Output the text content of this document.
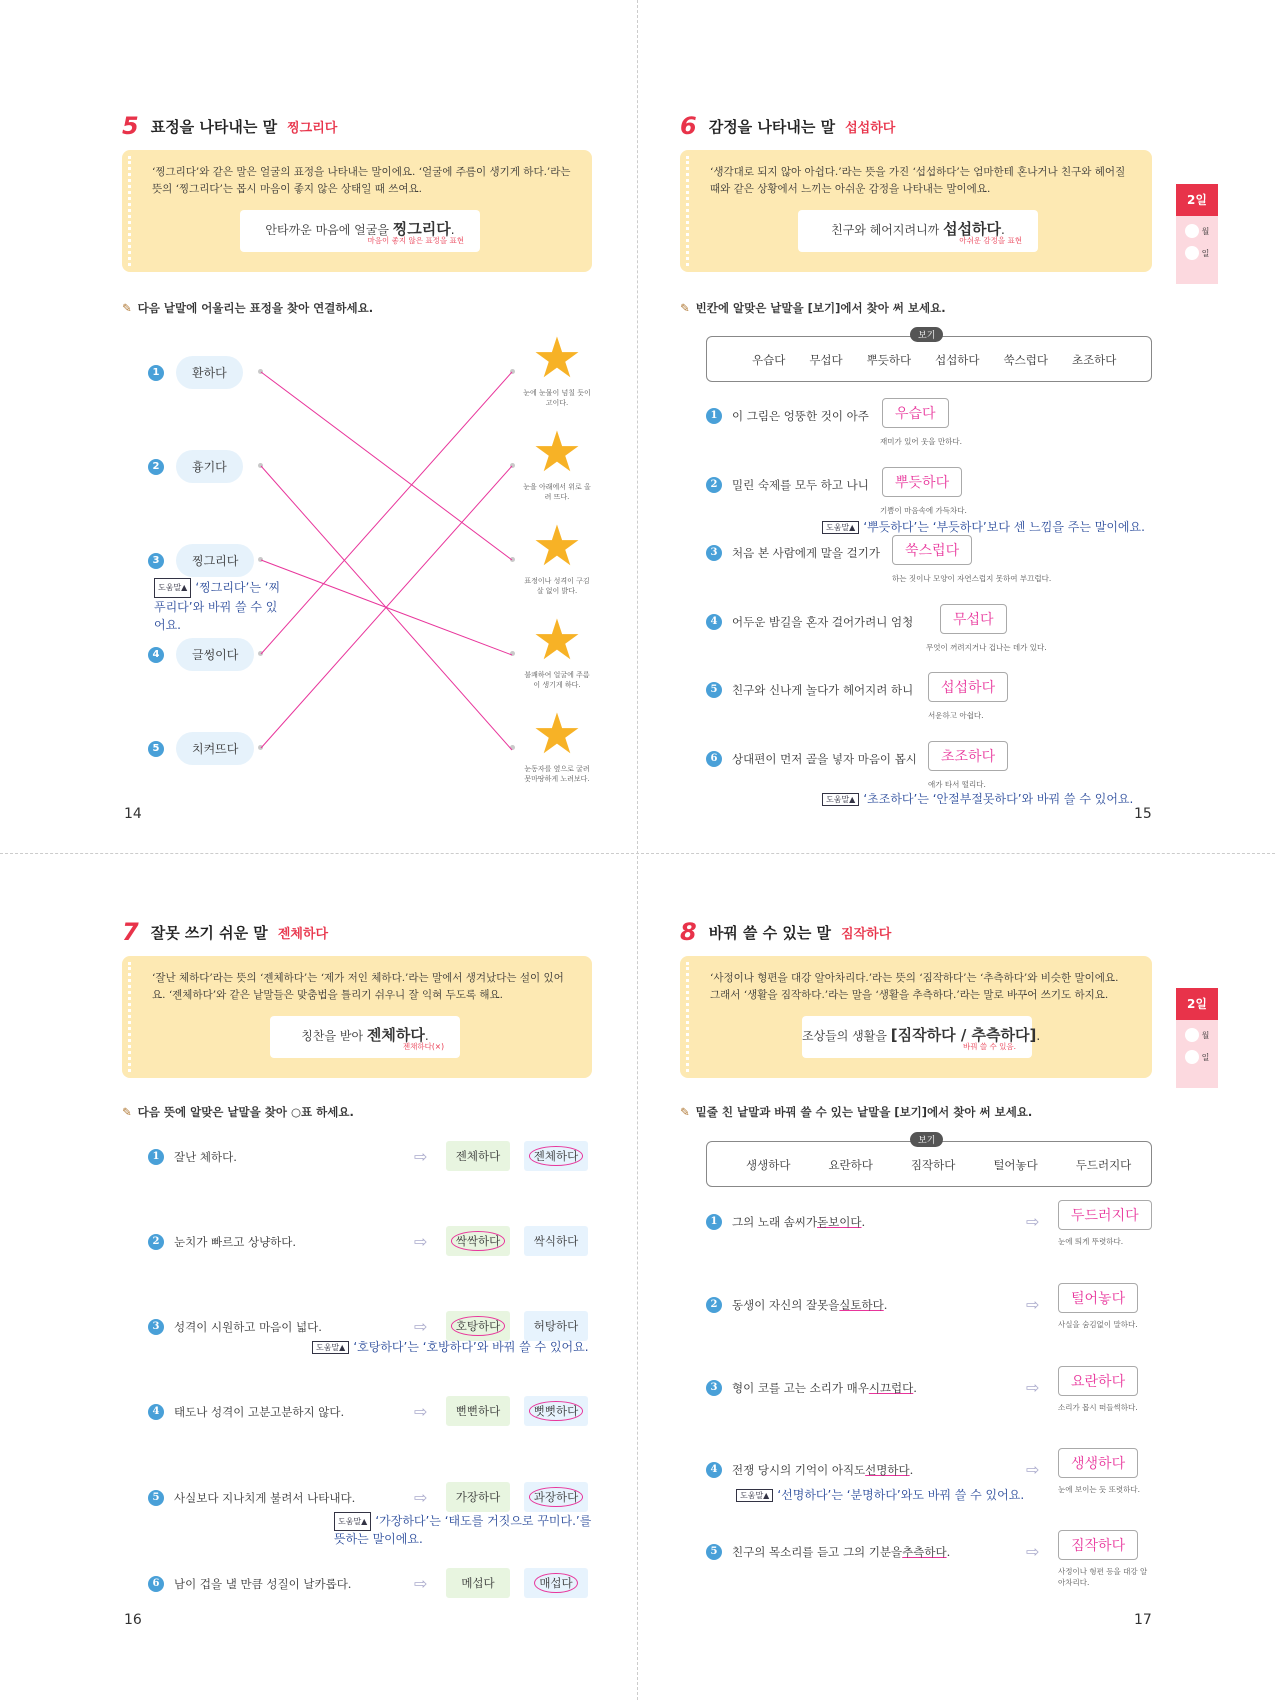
5 표정을 나타내는 말 찡그리다
‘찡그리다’와 같은 말은 얼굴의 표정을 나타내는 말이에요. ‘얼굴에 주름이 생기게 하다.’라는 뜻의 ‘찡그리다’는 몹시 마음이 좋지 않은 상태일 때 쓰여요.
안타까운 마음에 얼굴을 찡그리다.
마음이 좋지 않은 표정을 표현
✎ 다음 낱말에 어울리는 표정을 찾아 연결하세요.
1	환하다
2	흉기다
3	찡그리다
4	글썽이다
5	치켜뜨다
도움말▲ ‘찡그리다’는 ‘찌푸리다’와 바꿔 쓸 수 있어요.
★
눈에 눈물이 넘칠 듯이 고이다.
★
눈을 아래에서 위로 올려 뜨다.
★
표정이나 성격이 구김살 없이 밝다.
★
불쾌하여 얼굴에 주름이 생기게 하다.
★
눈동자를 옆으로 굴려 못마땅하게 노려보다.
14
6 감정을 나타내는 말 섭섭하다
‘생각대로 되지 않아 아쉽다.’라는 뜻을 가진 ‘섭섭하다’는 엄마한테 혼나거나 친구와 헤어질 때와 같은 상황에서 느끼는 아쉬운 감정을 나타내는 말이에요.
친구와 헤어지려니까 섭섭하다.
아쉬운 감정을 표현
2일
월
일
✎ 빈칸에 알맞은 낱말을 [보기]에서 찾아 써 보세요.
보기
우습다 무섭다 뿌듯하다 섭섭하다 쑥스럽다 초조하다
1	이 그림은 엉뚱한 것이 아주	우습다
재미가 있어 웃을 만하다.
2	밀린 숙제를 모두 하고 나니	뿌듯하다
기쁨이 마음속에 가득차다.
3	처음 본 사람에게 말을 걸기가	쑥스럽다
하는 짓이나 모양이 자연스럽지 못하여 부끄럽다.
4	어두운 밤길을 혼자 걸어가려니 엄청	무섭다
무엇이 꺼려지거나 겁나는 데가 있다.
5	친구와 신나게 놀다가 헤어지려 하니	섭섭하다
서운하고 아쉽다.
6	상대편이 먼저 골을 넣자 마음이 몹시	초조하다
애가 타서 떨리다.
도움말▲ ‘뿌듯하다’는 ‘부듯하다’보다 센 느낌을 주는 말이에요.
도움말▲ ‘초조하다’는 ‘안절부절못하다’와 바꿔 쓸 수 있어요.
15
7 잘못 쓰기 쉬운 말 젠체하다
‘잘난 체하다’라는 뜻의 ‘젠체하다’는 ‘제가 저인 체하다.’라는 말에서 생겨났다는 설이 있어요. ‘젠체하다’와 같은 낱말들은 맞춤법을 틀리기 쉬우니 잘 익혀 두도록 해요.
칭찬을 받아 젠체하다.
젠채하다(×)
✎ 다음 뜻에 알맞은 낱말을 찾아 ○표 하세요.
1	잘난 체하다.	⇨	젠체하다	젠체하다
2	눈치가 빠르고 상냥하다.	⇨	싹싹하다	싹식하다
3	성격이 시원하고 마음이 넓다.	⇨	호탕하다	허탕하다
4	태도나 성격이 고분고분하지 않다.	⇨	뻔뻔하다	뻣뻣하다
5	사실보다 지나치게 불려서 나타내다.	⇨	가장하다	과장하다
6	남이 겁을 낼 만큼 성질이 날카롭다.	⇨	메섭다	매섭다
도움말▲ ‘호탕하다’는 ‘호방하다’와 바꿔 쓸 수 있어요.
도움말▲ ‘가장하다’는 ‘태도를 거짓으로 꾸미다.’를 뜻하는 말이에요.
16
8 바꿔 쓸 수 있는 말 짐작하다
‘사정이나 형편을 대강 알아차리다.’라는 뜻의 ‘짐작하다’는 ‘추측하다’와 비슷한 말이에요. 그래서 ‘생활을 짐작하다.’라는 말을 ‘생활을 추측하다.’라는 말로 바꾸어 쓰기도 하지요.
조상들의 생활을 [짐작하다 / 추측하다].
바꿔 쓸 수 있음.
2일
월
일
✎ 밑줄 친 낱말과 바꿔 쓸 수 있는 낱말을 [보기]에서 찾아 써 보세요.
보기
생생하다	요란하다	짐작하다	털어놓다	두드러지다
1	그의 노래 솜씨가 돋보이다 .	⇨	두드러지다
눈에 띄게 뚜렷하다.
2	동생이 자신의 잘못을 실토하다 .	⇨	털어놓다
사실을 숨김없이 말하다.
3	형이 코를 고는 소리가 매우 시끄럽다 .	⇨	요란하다
소리가 몹시 떠들썩하다.
4	전쟁 당시의 기억이 아직도 선명하다 .	⇨	생생하다
눈에 보이는 듯 또렷하다.
5	친구의 목소리를 듣고 그의 기분을 추측하다 .	⇨	짐작하다
사정이나 형편 등을 대강 알아차리다.
도움말▲ ‘선명하다’는 ‘분명하다’와도 바꿔 쓸 수 있어요.
17
